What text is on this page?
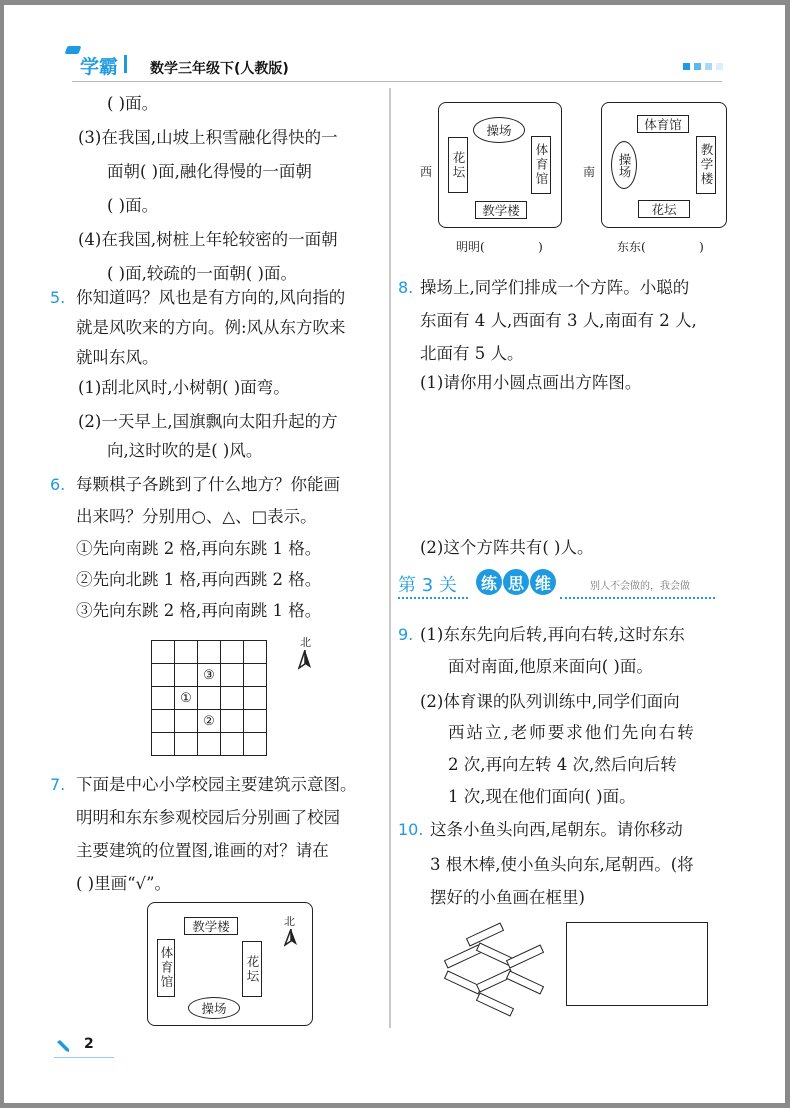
学霸 数学三年级下(人教版)
( )面。
(3)在我国,山坡上积雪融化得快的一
面朝( )面,融化得慢的一面朝
( )面。
(4)在我国,树桩上年轮较密的一面朝
( )面,较疏的一面朝( )面。
5. 你知道吗？风也是有方向的,风向指的
就是风吹来的方向。例:风从东方吹来
就叫东风。
(1)刮北风时,小树朝( )面弯。
(2)一天早上,国旗飘向太阳升起的方
向,这时吹的是( )风。
6. 每颗棋子各跳到了什么地方？你能画
出来吗？分别用○、△、□表示。
①先向南跳 2 格,再向东跳 1 格。
②先向北跳 1 格,再向西跳 2 格。
③先向东跳 2 格,再向南跳 1 格。

		③		
	①			
		②		

北
7. 下面是中心小学校园主要建筑示意图。
明明和东东参观校园后分别画了校园
主要建筑的位置图,谁画的对？请在
( )里画“√”。
教学楼
体育馆	花坛
操场
北
西
操场
花坛	体育馆
教学楼
明明(              )
南
体育馆
操场	教学楼
花坛
东东(              )
8. 操场上,同学们排成一个方阵。小聪的
东面有 4 人,西面有 3 人,南面有 2 人,
北面有 5 人。
(1)请你用小圆点画出方阵图。
(2)这个方阵共有( )人。
第 3 关	练 思 维	别人不会做的，我会做
9. (1)东东先向后转,再向右转,这时东东
面对南面,他原来面向( )面。
(2)体育课的队列训练中,同学们面向
西站立,老师要求他们先向右转
2 次,再向左转 4 次,然后向后转
1 次,现在他们面向( )面。
10. 这条小鱼头向西,尾朝东。请你移动
3 根木棒,使小鱼头向东,尾朝西。(将
摆好的小鱼画在框里)
2
